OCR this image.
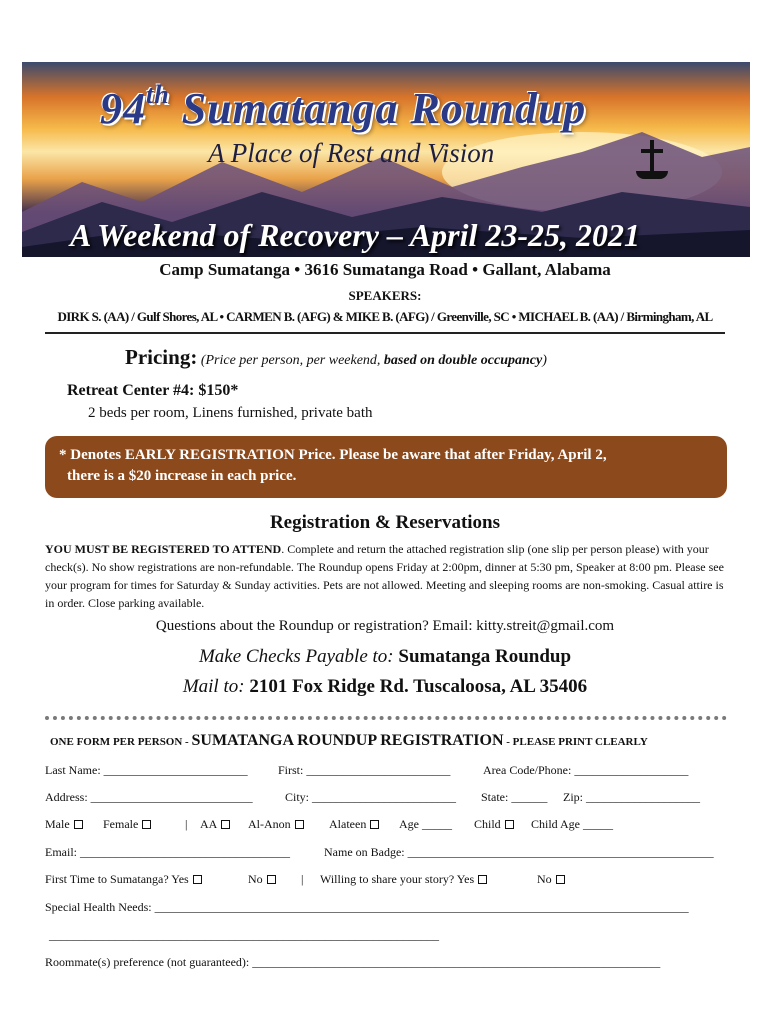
94th Sumatanga Roundup
A Place of Rest and Vision
A Weekend of Recovery – April 23-25, 2021
Camp Sumatanga • 3616 Sumatanga Road • Gallant, Alabama
SPEAKERS:
DIRK S. (AA) / Gulf Shores, AL • CARMEN B. (AFG) & MIKE B. (AFG) / Greenville, SC • MICHAEL B. (AA) / Birmingham, AL
Pricing: (Price per person, per weekend, based on double occupancy)
Retreat Center #4: $150*
2 beds per room, Linens furnished, private bath
* Denotes EARLY REGISTRATION Price. Please be aware that after Friday, April 2,
there is a $20 increase in each price.
Registration & Reservations
YOU MUST BE REGISTERED TO ATTEND. Complete and return the attached registration slip (one slip per person please) with your check(s). No show registrations are non-refundable. The Roundup opens Friday at 2:00pm, dinner at 5:30 pm, Speaker at 8:00 pm. Please see your program for times for Saturday & Sunday activities. Pets are not allowed. Meeting and sleeping rooms are non-smoking. Casual attire is in order. Close parking available.
Questions about the Roundup or registration? Email: kitty.streit@gmail.com
Make Checks Payable to: Sumatanga Roundup
Mail to: 2101 Fox Ridge Rd. Tuscaloosa, AL 35406
ONE FORM PER PERSON - SUMATANGA ROUNDUP REGISTRATION - PLEASE PRINT CLEARLY
Last Name: ________________________	First: ________________________	Area Code/Phone: ___________________
Address: ___________________________	City: ________________________ State: ______ Zip: ___________________
Male	Female	| AA	Al-Anon	Alateen	Age _____ Child	Child Age _____
Email: ___________________________________	Name on Badge: ___________________________________________________
First Time to Sumatanga? Yes	No	| Willing to share your story? Yes	No
Special Health Needs: _________________________________________________________________________________________
_________________________________________________________________
Roommate(s) preference (not guaranteed): ____________________________________________________________________
